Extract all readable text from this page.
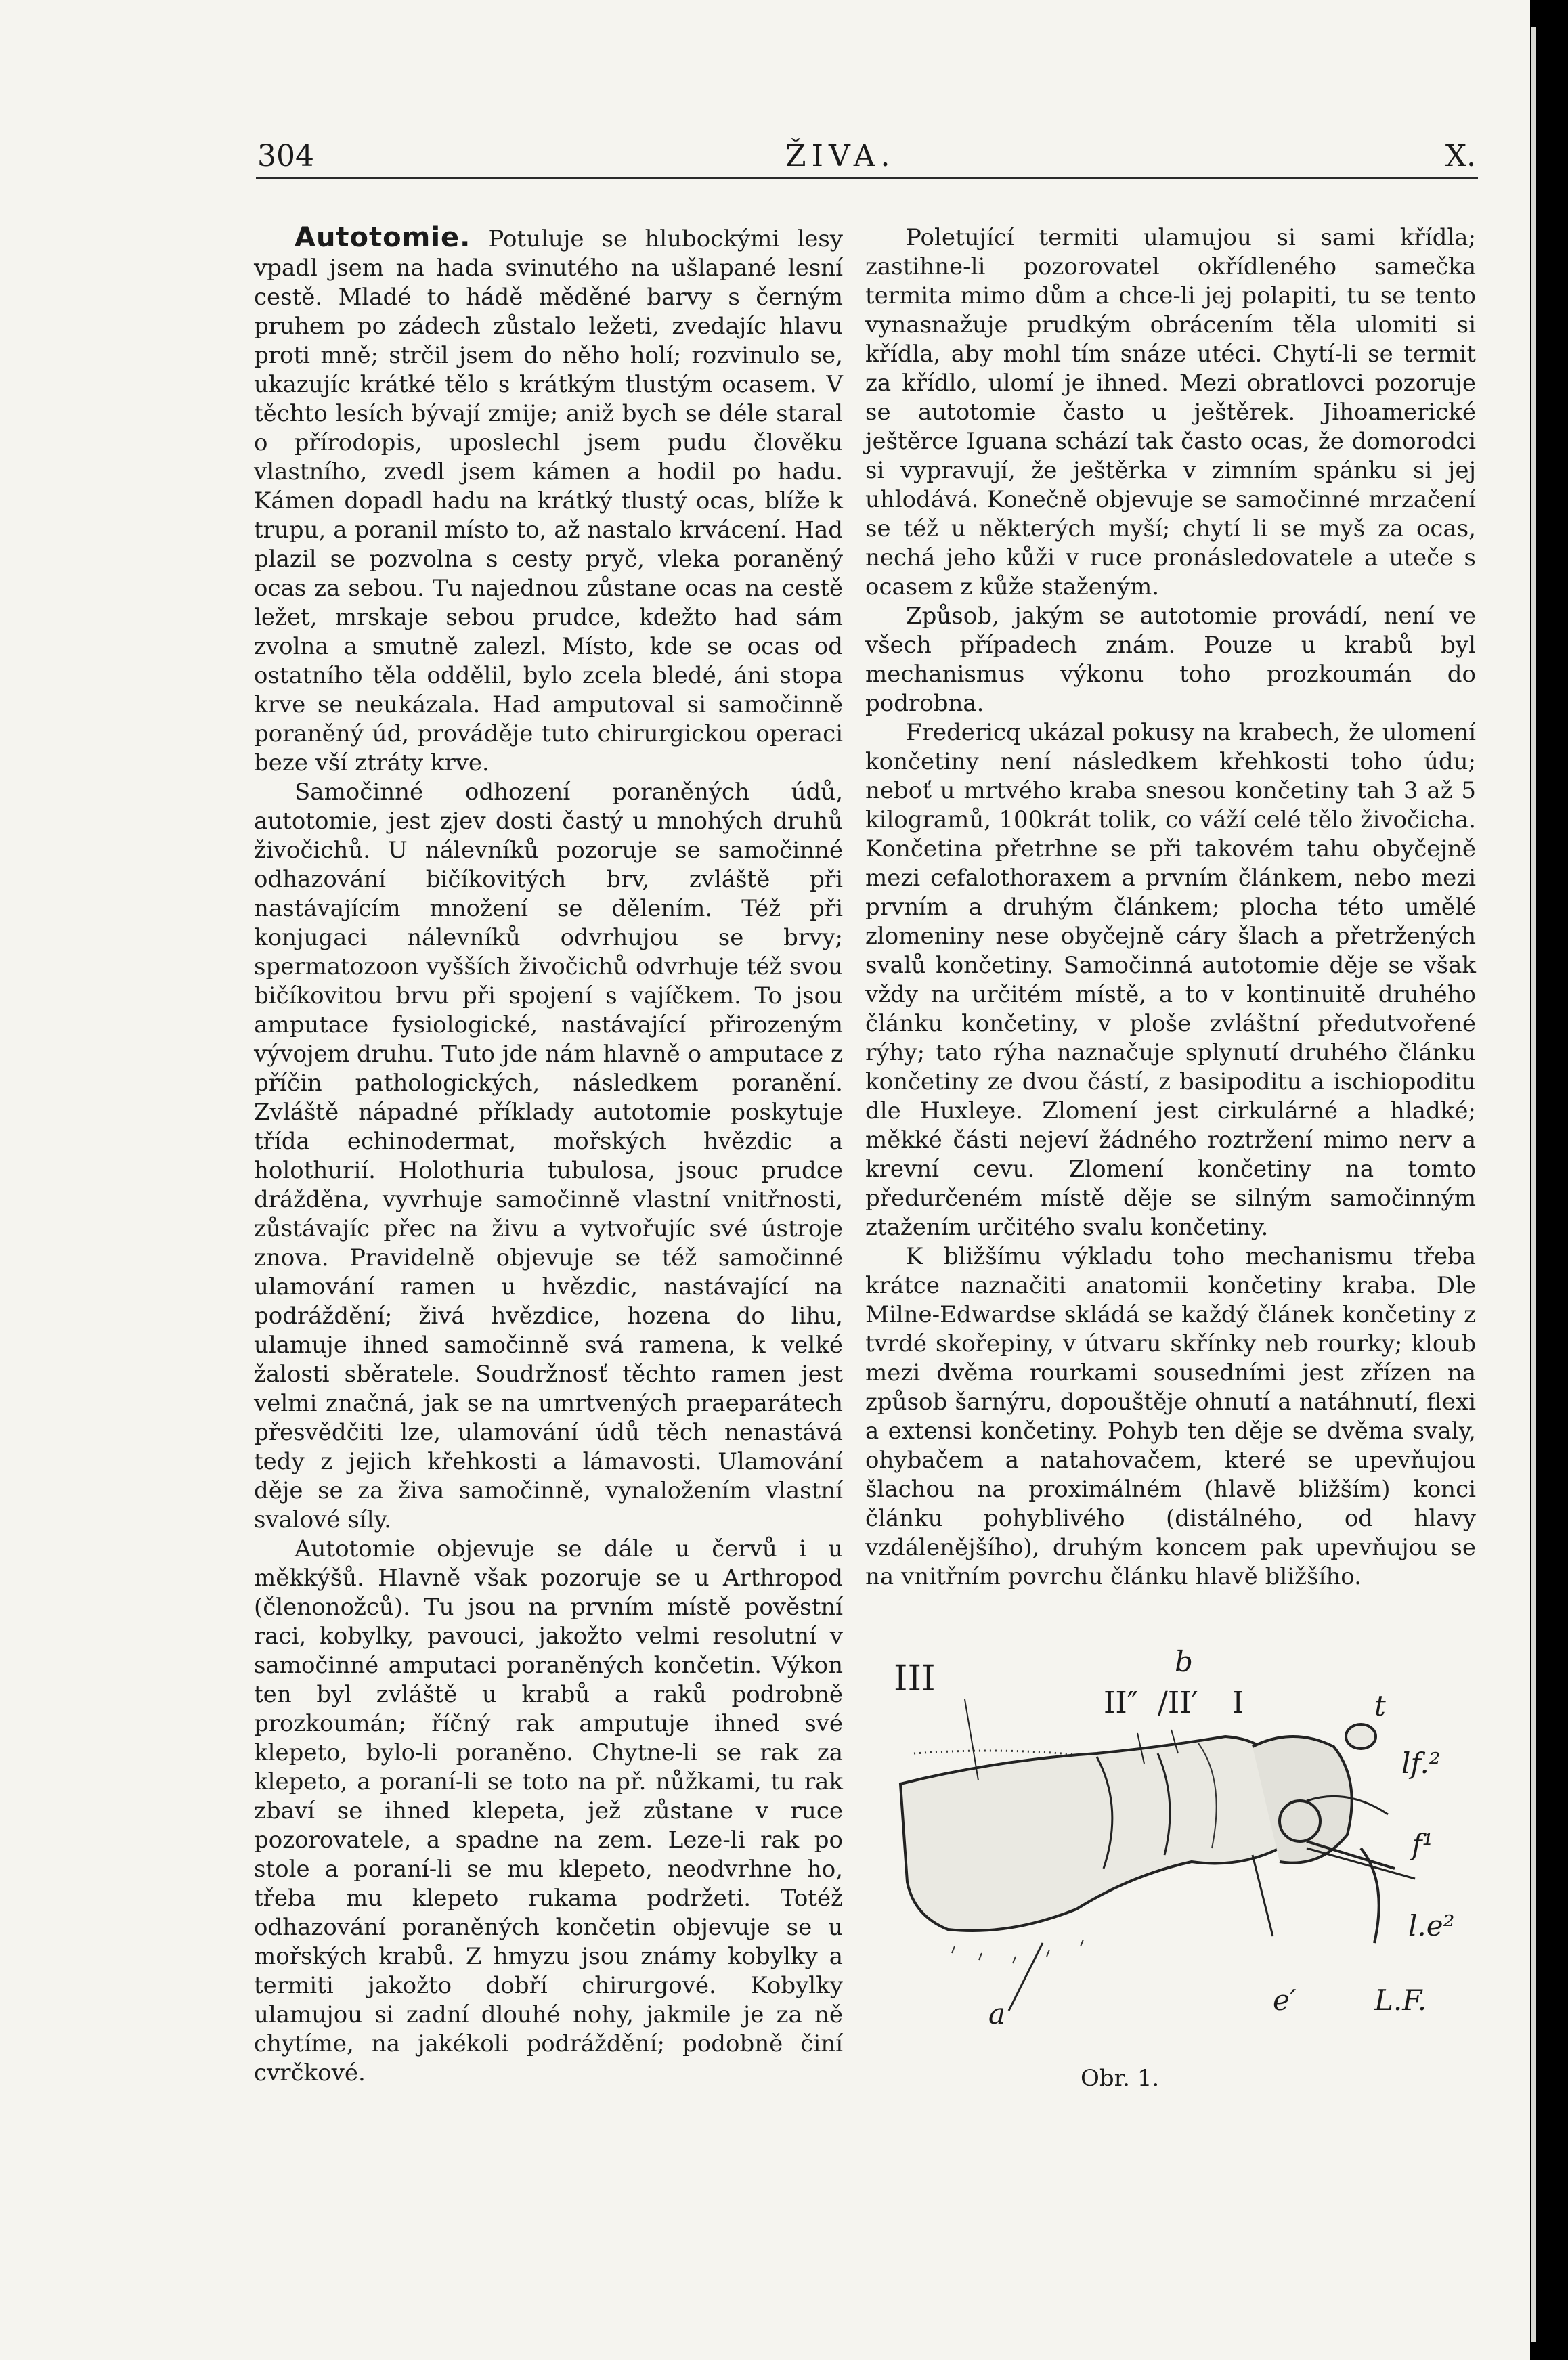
304	ŽIVA.	X.

Autotomie. Potuluje se hlubockými lesy vpadl jsem na hada svinutého na ušlapané lesní cestě. Mladé to hádě měděné barvy s černým pruhem po zádech zůstalo ležeti, zvedajíc hlavu proti mně; strčil jsem do něho holí; rozvinulo se, ukazujíc krátké tělo s krátkým tlustým ocasem. V těchto lesích bývají zmije; aniž bych se déle staral o přírodopis, uposlechl jsem pudu člověku vlastního, zvedl jsem kámen a hodil po hadu. Kámen dopadl hadu na krátký tlustý ocas, blíže k trupu, a poranil místo to, až nastalo krvácení. Had plazil se pozvolna s cesty pryč, vleka poraněný ocas za sebou. Tu najednou zůstane ocas na cestě ležet, mrskaje sebou prudce, kdežto had sám zvolna a smutně zalezl. Místo, kde se ocas od ostatního těla oddělil, bylo zcela bledé, áni stopa krve se neukázala. Had amputoval si samočinně poraněný úd, prováděje tuto chirurgickou operaci beze vší ztráty krve.

Samočinné odhození poraněných údů, autotomie, jest zjev dosti častý u mnohých druhů živočichů. U nálevníků pozoruje se samočinné odhazování bičíkovitých brv, zvláště při nastávajícím množení se dělením. Též při konjugaci nálevníků odvrhujou se brvy; spermatozoon vyšších živočichů odvrhuje též svou bičíkovitou brvu při spojení s vajíčkem. To jsou amputace fysiologické, nastávající přirozeným vývojem druhu. Tuto jde nám hlavně o amputace z příčin pathologických, následkem poranění. Zvláště nápadné příklady autotomie poskytuje třída echinodermat, mořských hvězdic a holothurií. Holothuria tubulosa, jsouc prudce drážděna, vyvrhuje samočinně vlastní vnitřnosti, zůstávajíc přec na živu a vytvořujíc své ústroje znova. Pravidelně objevuje se též samočinné ulamování ramen u hvězdic, nastávající na podráždění; živá hvězdice, hozena do lihu, ulamuje ihned samočinně svá ramena, k velké žalosti sběratele. Soudržnosť těchto ramen jest velmi značná, jak se na umrtvených praeparátech přesvědčiti lze, ulamování údů těch nenastává tedy z jejich křehkosti a lámavosti. Ulamování děje se za živa samočinně, vynaložením vlastní svalové síly.

Autotomie objevuje se dále u červů i u měkkýšů. Hlavně však pozoruje se u Arthropod (členonožců). Tu jsou na prvním místě pověstní raci, kobylky, pavouci, jakožto velmi resolutní v samočinné amputaci poraněných končetin. Výkon ten byl zvláště u krabů a raků podrobně prozkoumán; říčný rak amputuje ihned své klepeto, bylo-li poraněno. Chytne-li se rak za klepeto, a poraní-li se toto na př. nůžkami, tu rak zbaví se ihned klepeta, jež zůstane v ruce pozorovatele, a spadne na zem. Leze-li rak po stole a poraní-li se mu klepeto, neodvrhne ho, třeba mu klepeto rukama podržeti. Totéž odhazování poraněných končetin objevuje se u mořských krabů. Z hmyzu jsou známy kobylky a termiti jakožto dobří chirurgové. Kobylky ulamujou si zadní dlouhé nohy, jakmile je za ně chytíme, na jakékoli podráždění; podobně činí cvrčkové.

Poletující termiti ulamujou si sami křídla; zastihne-li pozorovatel okřídleného samečka termita mimo dům a chce-li jej polapiti, tu se tento vynasnažuje prudkým obrácením těla ulomiti si křídla, aby mohl tím snáze utéci. Chytí-li se termit za křídlo, ulomí je ihned. Mezi obratlovci pozoruje se autotomie často u ještěrek. Jihoamerické ještěrce Iguana schází tak často ocas, že domorodci si vypravují, že ještěrka v zimním spánku si jej uhlodává. Konečně objevuje se samočinné mrzačení se též u některých myší; chytí li se myš za ocas, nechá jeho kůži v ruce pronásledovatele a uteče s ocasem z kůže staženým.

Způsob, jakým se autotomie provádí, není ve všech případech znám. Pouze u krabů byl mechanismus výkonu toho prozkoumán do podrobna.

Fredericq ukázal pokusy na krabech, že ulomení končetiny není následkem křehkosti toho údu; neboť u mrtvého kraba snesou končetiny tah 3 až 5 kilogramů, 100krát tolik, co váží celé tělo živočicha. Končetina přetrhne se při takovém tahu obyčejně mezi cefalothoraxem a prvním článkem, nebo mezi prvním a druhým článkem; plocha této umělé zlomeniny nese obyčejně cáry šlach a přetržených svalů končetiny. Samočinná autotomie děje se však vždy na určitém místě, a to v kontinuitě druhého článku končetiny, v ploše zvláštní předutvořené rýhy; tato rýha naznačuje splynutí druhého článku končetiny ze dvou částí, z basipoditu a ischiopoditu dle Huxleye. Zlomení jest cirkulárné a hladké; měkké části nejeví žádného roztržení mimo nerv a krevní cevu. Zlomení končetiny na tomto předurčeném místě děje se silným samočinným ztažením určitého svalu končetiny.

K bližšímu výkladu toho mechanismu třeba krátce naznačiti anatomii končetiny kraba. Dle Milne-Edwardse skládá se každý článek končetiny z tvrdé skořepiny, v útvaru skřínky neb rourky; kloub mezi dvěma rourkami sousedními jest zřízen na způsob šarnýru, dopouštěje ohnutí a natáhnutí, flexi a extensi končetiny. Pohyb ten děje se dvěma svaly, ohybačem a natahovačem, které se upevňujou šlachou na proximálném (hlavě bližším) konci článku pohyblivého (distálného, od hlavy vzdálenějšího), druhým koncem pak upevňujou se na vnitřním povrchu článku hlavě bližšího.

III
II″ /II′ I
b
t
lf.²
f¹
l.e²
a	e′	L.F.
Obr. 1.
